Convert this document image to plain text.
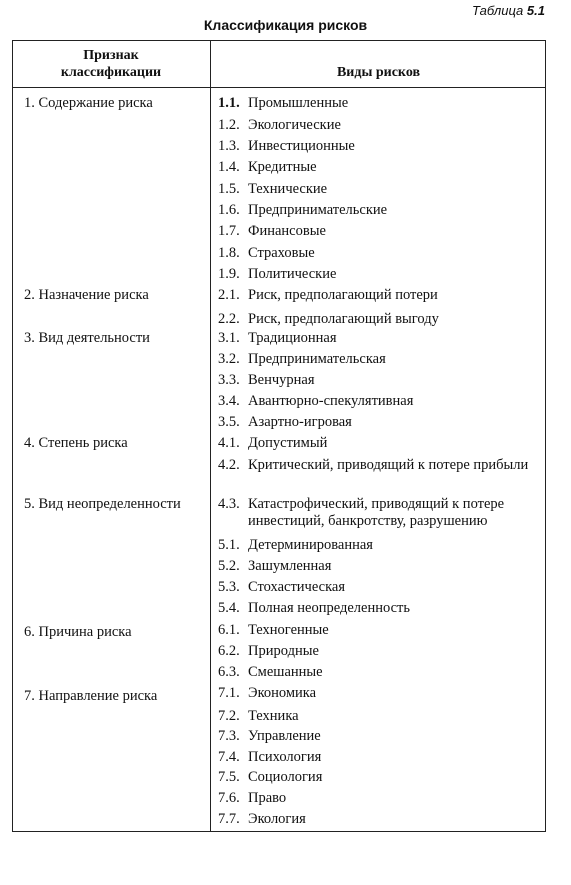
Таблица 5.1
Классификация рисков
Признак
классификации	Виды рисков
1. Содержание риска
2. Назначение риска
3. Вид деятельности
4. Степень риска
5. Вид неопределенности
6. Причина риска
7. Направление риска
1.1. Промышленные
1.2. Экологические
1.3. Инвестиционные
1.4. Кредитные
1.5. Технические
1.6. Предпринимательские
1.7. Финансовые
1.8. Страховые
1.9. Политические
2.1. Риск, предполагающий потери
2.2. Риск, предполагающий выгоду
3.1. Традиционная
3.2. Предпринимательская
3.3. Венчурная
3.4. Авантюрно-спекулятивная
3.5. Азартно-игровая
4.1. Допустимый
4.2. Критический, приводящий к потере прибыли
4.3. Катастрофический, приводящий к потере инвестиций, банкротству, разрушению
5.1. Детерминированная
5.2. Зашумленная
5.3. Стохастическая
5.4. Полная неопределенность
6.1. Техногенные
6.2. Природные
6.3. Смешанные
7.1. Экономика
7.2. Техника
7.3. Управление
7.4. Психология
7.5. Социология
7.6. Право
7.7. Экология
